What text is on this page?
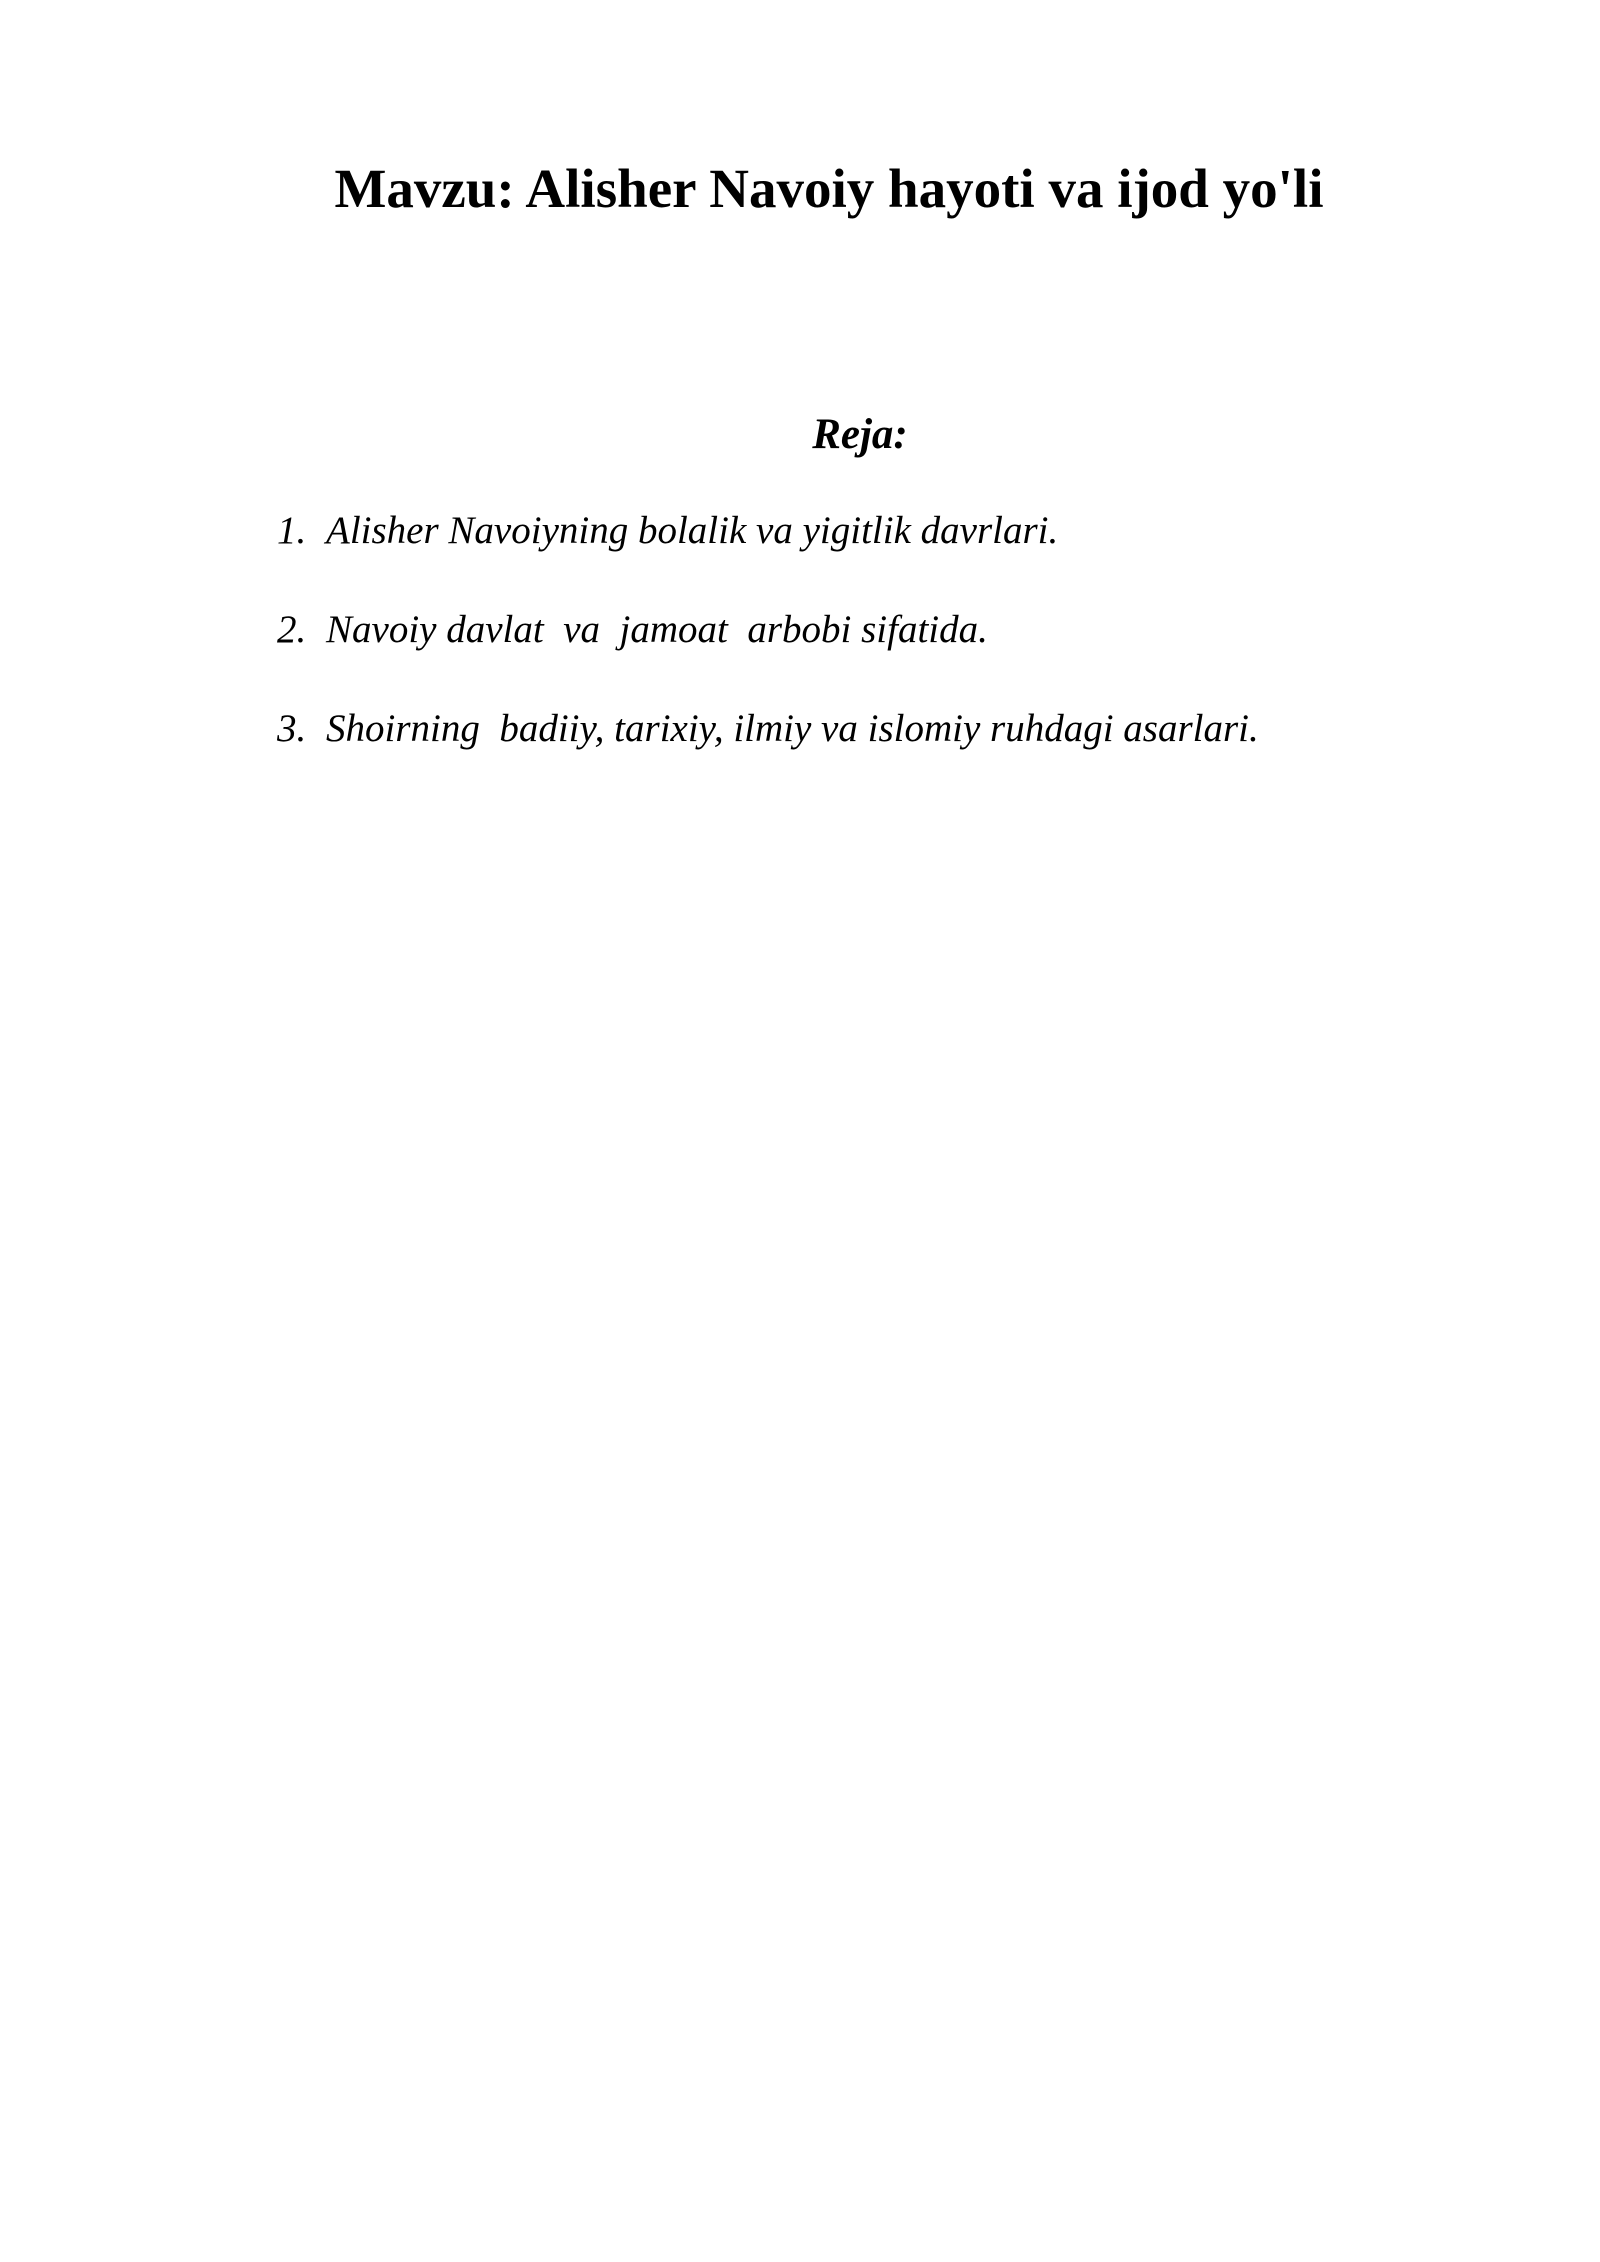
Mavzu: Alisher Navoiy hayoti va ijod yo'li
Reja:
1. Alisher Navoiyning bolalik va yigitlik davrlari.
2. Navoiy davlat  va  jamoat  arbobi sifatida.
3. Shoirning  badiiy, tarixiy, ilmiy va islomiy ruhdagi asarlari.
